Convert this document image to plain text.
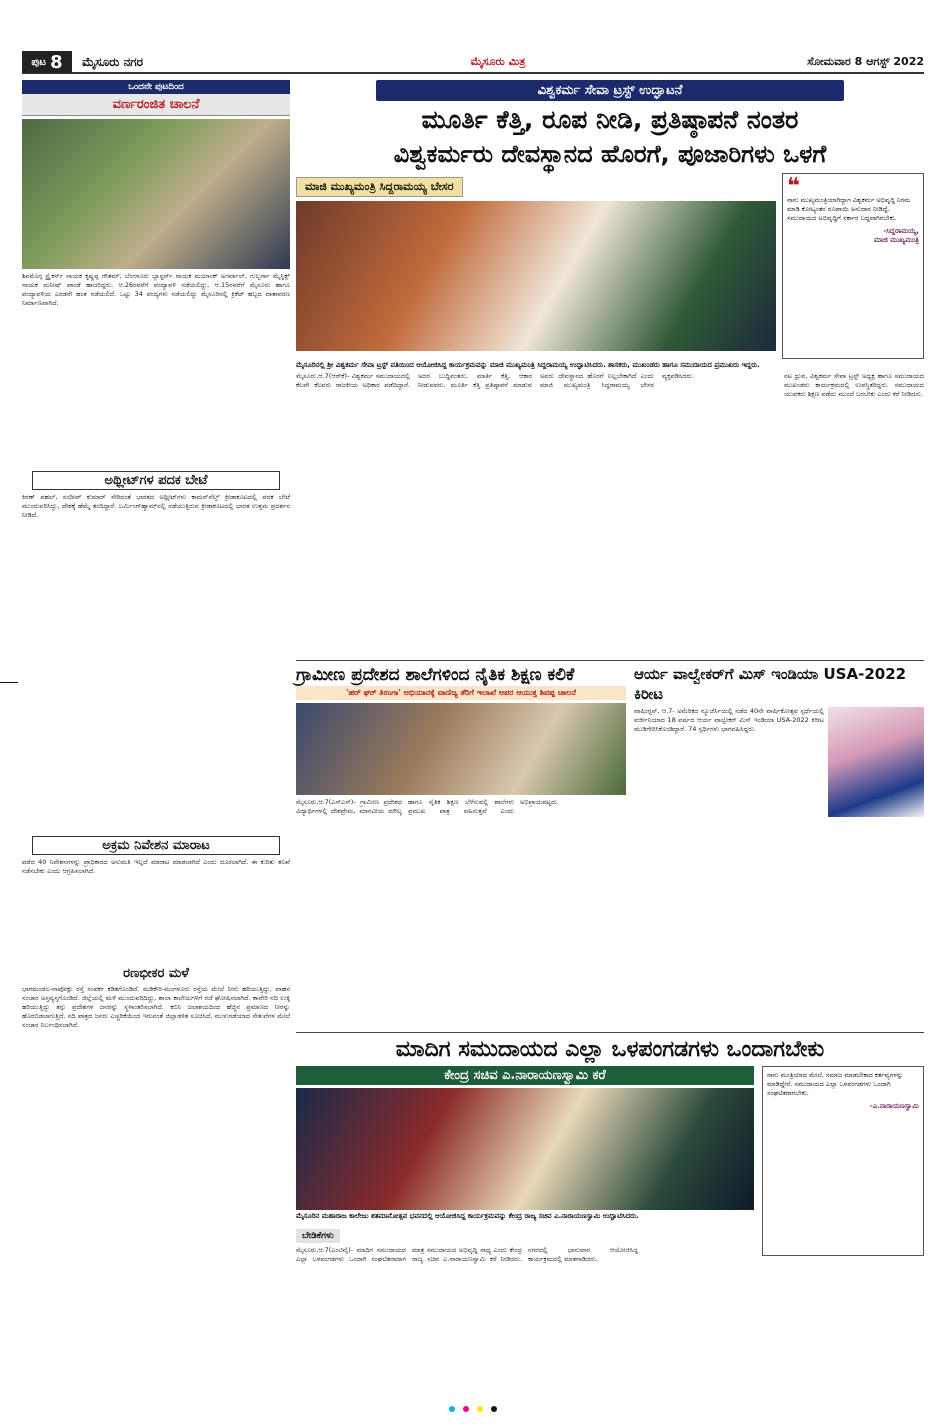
ಪುಟ 8 ಮೈಸೂರು ನಗರ	ಮೈಸೂರು ಮಿತ್ರ	ಸೋಮವಾರ 8 ಆಗಸ್ಟ್ 2022
ಒಂದನೇ ಪುಟದಿಂದ
ವರ್ಣರಂಜಿತ ಚಾಲನೆ
ಶಿವಮೊಗ್ಗ ಸ್ಟ್ರೈಕರ್ಸ್ ನಾಯಕ ಕೃಷ್ಣಪ್ಪ ಗೌತಮ್, ಬೆಂಗಳೂರು ಬ್ಲಾಸ್ಟರ್ಸ್ ನಾಯಕ ಮಯಾಂಕ್ ಅಗರ್ವಾಲ್, ಗುಲ್ಬರ್ಗಾ ಮೈಸ್ಟಿಕ್ಸ್ ನಾಯಕ ಮನೀಷ್ ಪಾಂಡೆ ಹಾಜರಿದ್ದರು. ಆ.26ರವರೆಗೆ ಪಂದ್ಯಾವಳಿ ನಡೆಯಲಿದ್ದು, ಆ.15ರವರೆಗೆ ಮೈಸೂರು ಹಾಗೂ ಪಂದ್ಯಾವಳಿಯ ಎರಡನೇ ಹಂತ ನಡೆಯಲಿದೆ. ಒಟ್ಟು 34 ಪಂದ್ಯಗಳು ನಡೆಯಲಿದ್ದು ಮೈಸೂರಿನಲ್ಲಿ ಕ್ರಿಕೆಟ್ ಹಬ್ಬದ ವಾತಾವರಣ ನಿರ್ಮಾಣವಾಗಿದೆ.
ಅಥ್ಲೀಟ್‌ಗಳ ಪದಕ ಬೇಟೆ
ಕಿರಣ್ ಪಹಲ್, ಸಂದೀಪ್ ಕುಮಾರ್ ಸೇರಿದಂತೆ ಭಾರತದ ಅಥ್ಲೀಟ್‌ಗಳು ಕಾಮನ್‌ವೆಲ್ತ್ ಕ್ರೀಡಾಕೂಟದಲ್ಲಿ ಪದಕ ಬೇಟೆ ಮುಂದುವರಿಸಿದ್ದು, ದೇಶಕ್ಕೆ ಹೆಮ್ಮೆ ತಂದಿದ್ದಾರೆ. ಬರ್ಮಿಂಗ್‌ಹ್ಯಾಮ್‌ನಲ್ಲಿ ನಡೆಯುತ್ತಿರುವ ಕ್ರೀಡಾಕೂಟದಲ್ಲಿ ಭಾರತ ಉತ್ತಮ ಪ್ರದರ್ಶನ ನೀಡಿದೆ.
ಅಕ್ರಮ ನಿವೇಶನ ಮಾರಾಟ
ಪಡೆದ 40 ನಿವೇಶನಗಳನ್ನು ಪ್ರಾಧಿಕಾರದ ಅನುಮತಿ ಇಲ್ಲದೆ ಮಾರಾಟ ಮಾಡಲಾಗಿದೆ ಎಂದು ದೂರಲಾಗಿದೆ. ಈ ಕುರಿತು ತನಿಖೆ ನಡೆಸಬೇಕು ಎಂದು ಆಗ್ರಹಿಸಲಾಗಿದೆ.
ರಣಭೀಕರ ಮಳೆ
ಭಾಗಮಂಡಲ-ನಾಪೋಕ್ಲು ರಸ್ತೆ ಸಂಪರ್ಕ ಕಡಿತಗೊಂಡಿದೆ. ಮಡಿಕೇರಿ-ಮಂಗಳೂರು ರಸ್ತೆಯ ಮೇಲೆ ನೀರು ಹರಿಯುತ್ತಿದ್ದು, ವಾಹನ ಸಂಚಾರ ಅಸ್ತವ್ಯಸ್ತಗೊಂಡಿದೆ. ಜಿಲ್ಲೆಯಲ್ಲಿ ಮಳೆ ಮುಂದುವರಿದಿದ್ದು, ಶಾಲಾ ಕಾಲೇಜುಗಳಿಗೆ ರಜೆ ಘೋಷಿಸಲಾಗಿದೆ. ಕಾವೇರಿ ನದಿ ಉಕ್ಕಿ ಹರಿಯುತ್ತಿದ್ದು ತಗ್ಗು ಪ್ರದೇಶಗಳ ಜನರನ್ನು ಸ್ಥಳಾಂತರಿಸಲಾಗಿದೆ. ಕಬಿನಿ ಜಲಾಶಯದಿಂದ ಹೆಚ್ಚಿನ ಪ್ರಮಾಣದ ನೀರನ್ನು ಹೊರಬಿಡಲಾಗುತ್ತಿದೆ. ನದಿ ಪಾತ್ರದ ಜನರು ಎಚ್ಚರಿಕೆಯಿಂದ ಇರುವಂತೆ ಜಿಲ್ಲಾಡಳಿತ ಸೂಚಿಸಿದೆ. ಮುಳುಗಡೆಯಾದ ಸೇತುವೆಗಳ ಮೇಲೆ ಸಂಚಾರ ನಿರ್ಬಂಧಿಸಲಾಗಿದೆ.
ವಿಶ್ವಕರ್ಮ ಸೇವಾ ಟ್ರಸ್ಟ್ ಉದ್ಘಾಟನೆ
ಮೂರ್ತಿ ಕೆತ್ತಿ, ರೂಪ ನೀಡಿ, ಪ್ರತಿಷ್ಠಾಪನೆ ನಂತರ
ವಿಶ್ವಕರ್ಮರು ದೇವಸ್ಥಾನದ ಹೊರಗೆ, ಪೂಜಾರಿಗಳು ಒಳಗೆ
ಮಾಜಿ ಮುಖ್ಯಮಂತ್ರಿ ಸಿದ್ದರಾಮಯ್ಯ ಬೇಸರ	❝
ನಾನು ಮುಖ್ಯಮಂತ್ರಿಯಾಗಿದ್ದಾಗ ವಿಶ್ವಕರ್ಮ ಅಭಿವೃದ್ಧಿ ನಿಗಮ ಮಾಡಿ ಕೋಟ್ಯಂತರ ರೂಪಾಯಿ ಅನುದಾನ ನೀಡಿದ್ದೆ. ಸಮುದಾಯದ ಅಭಿವೃದ್ಧಿಗೆ ಸರ್ಕಾರ ಬದ್ಧವಾಗಿರಬೇಕು.
-ಸಿದ್ದರಾಮಯ್ಯ,
ಮಾಜಿ ಮುಖ್ಯಮಂತ್ರಿ
ಮೈಸೂರಿನಲ್ಲಿ ಶ್ರೀ ವಿಶ್ವಕರ್ಮ ಸೇವಾ ಟ್ರಸ್ಟ್ ವತಿಯಿಂದ ಆಯೋಜಿಸಿದ್ದ ಕಾರ್ಯಕ್ರಮವನ್ನು ಮಾಜಿ ಮುಖ್ಯಮಂತ್ರಿ ಸಿದ್ದರಾಮಯ್ಯ ಉದ್ಘಾಟಿಸಿದರು. ಶಾಸಕರು, ಮುಖಂಡರು ಹಾಗೂ ಸಮುದಾಯದ ಪ್ರಮುಖರು ಇದ್ದರು.
ಮೈಸೂರು,ಆ.7(ಆರ್‌ಕೆ)- ವಿಶ್ವಕರ್ಮ ಸಮುದಾಯದಲ್ಲಿ ಕೆಲವೇ ಕೆಲವರು ರಾಜಕೀಯ ಅಧಿಕಾರ ಪಡೆದಿದ್ದಾರೆ. ಅದರ ಬುದ್ಧಿವಂತರು, ಮಾರ್ತಿ ಕೆತ್ತಿ, ಆಕಾರ ನೀಡುವವರು. ಮೂರ್ತಿ ಕೆತ್ತಿ ಪ್ರತಿಷ್ಠಾಪನೆ ಮಾಡುವ ಅವರು ದೇವಸ್ಥಾನದ ಹೊರಗೆ ನಿಲ್ಲಬೇಕಾಗಿದೆ ಎಂದು ಮಾಜಿ ಮುಖ್ಯಮಂತ್ರಿ ಸಿದ್ದರಾಮಯ್ಯ ಬೇಸರ ವ್ಯಕ್ತಪಡಿಸಿದರು.	ನಟ ಧ್ರುವ, ವಿಶ್ವಕರ್ಮ ಸೇವಾ ಟ್ರಸ್ಟ್ ಅಧ್ಯಕ್ಷ ಹಾಗೂ ಸಮುದಾಯದ ಮುಖಂಡರು ಕಾರ್ಯಕ್ರಮದಲ್ಲಿ ಉಪಸ್ಥಿತರಿದ್ದರು. ಸಮುದಾಯದ ಯುವಕರು ಶಿಕ್ಷಣ ಪಡೆದು ಮುಂದೆ ಬರಬೇಕು ಎಂದು ಕರೆ ನೀಡಿದರು.
ಗ್ರಾಮೀಣ ಪ್ರದೇಶದ ಶಾಲೆಗಳಿಂದ ನೈತಿಕ ಶಿಕ್ಷಣ ಕಲಿಕೆ
'ಹರ್ ಘರ್ ತಿರಂಗಾ' ಅಭಿಯಾನಕ್ಕೆ ವಾಣಿಜ್ಯ ತೆರಿಗೆ ಇಲಾಖೆ ಅಪರ ಆಯುಕ್ತ ಶಿವಪ್ಪ ಚಾಲನೆ
ಮೈಸೂರು,ಆ.7(ಎಸ್‌ಎಸ್‌)- ಗ್ರಾಮೀಣ ಪ್ರದೇಶದ ವಿದ್ಯಾರ್ಥಿಗಳಲ್ಲಿ ದೇಶಪ್ರೇಮ, ಮಾನವೀಯ ಮೌಲ್ಯ ಹಾಗೂ ನೈತಿಕ ಶಿಕ್ಷಣ ಬೆಳೆಸುವಲ್ಲಿ ಶಾಲೆಗಳು ಪ್ರಮುಖ ಪಾತ್ರ ವಹಿಸುತ್ತವೆ ಎಂದು ಅಭಿಪ್ರಾಯಪಟ್ಟರು.
ಆರ್ಯ ವಾಲ್ವೇಕರ್‌ಗೆ ಮಿಸ್ ಇಂಡಿಯಾ USA-2022 ಕಿರೀಟ
ವಾಷಿಂಗ್ಟನ್, ಆ.7- ಅಮೆರಿಕದ ನ್ಯೂಜೆರ್ಸಿಯಲ್ಲಿ ನಡೆದ 40ನೇ ವಾರ್ಷಿಕೋತ್ಸವ ಸ್ಪರ್ಧೆಯಲ್ಲಿ ವರ್ಜೀನಿಯಾದ 18 ವರ್ಷದ ಆರ್ಯ ವಾಲ್ವೇಕರ್ ಮಿಸ್ ಇಂಡಿಯಾ USA-2022 ಕಿರೀಟ ಮುಡಿಗೇರಿಸಿಕೊಂಡಿದ್ದಾರೆ. 74 ಸ್ಪರ್ಧಿಗಳು ಭಾಗವಹಿಸಿದ್ದರು.
ಮಾದಿಗ ಸಮುದಾಯದ ಎಲ್ಲಾ ಒಳಪಂಗಡಗಳು ಒಂದಾಗಬೇಕು
ಕೇಂದ್ರ ಸಚಿವ ಎ.ನಾರಾಯಣಸ್ವಾಮಿ ಕರೆ
ಮೈಸೂರಿನ ಮಹಾರಾಜ ಕಾಲೇಜು ಶತಮಾನೋತ್ಸವ ಭವನದಲ್ಲಿ ಆಯೋಜಿಸಿದ್ದ ಕಾರ್ಯಕ್ರಮವನ್ನು ಕೇಂದ್ರ ರಾಜ್ಯ ಸಚಿವ ಎ.ನಾರಾಯಣಸ್ವಾಮಿ ಉದ್ಘಾಟಿಸಿದರು.
ಬೇಡಿಕೆಗಳು
ಮೈಸೂರು,ಆ.7(ಎಂಟಿವೈ)- ಮಾದಿಗ ಸಮುದಾಯದ ಎಲ್ಲಾ ಒಳಪಂಗಡಗಳು ಒಂದಾಗಿ ಸಂಘಟಿತರಾದಾಗ ಮಾತ್ರ ಸಮುದಾಯದ ಅಭಿವೃದ್ಧಿ ಸಾಧ್ಯ ಎಂದು ಕೇಂದ್ರ ರಾಜ್ಯ ಸಚಿವ ಎ.ನಾರಾಯಣಸ್ವಾಮಿ ಕರೆ ನೀಡಿದರು. ನಗರದಲ್ಲಿ ಭಾನುವಾರ ಆಯೋಜಿಸಿದ್ದ ಕಾರ್ಯಕ್ರಮದಲ್ಲಿ ಮಾತನಾಡಿದರು.
ನಾನು ಮಂತ್ರಿಯಾದ ಮೇಲೆ, ಸಮಾಜ ಮಾಡಬೇಕಾದ ಕರ್ತವ್ಯಗಳನ್ನು ಮಾಡಿದ್ದೇನೆ. ಸಮುದಾಯದ ಎಲ್ಲಾ ಒಳಪಂಗಡಗಳು ಒಂದಾಗಿ ಸಂಘಟಿತರಾಗಬೇಕು.
-ಎ.ನಾರಾಯಣಸ್ವಾಮಿ
